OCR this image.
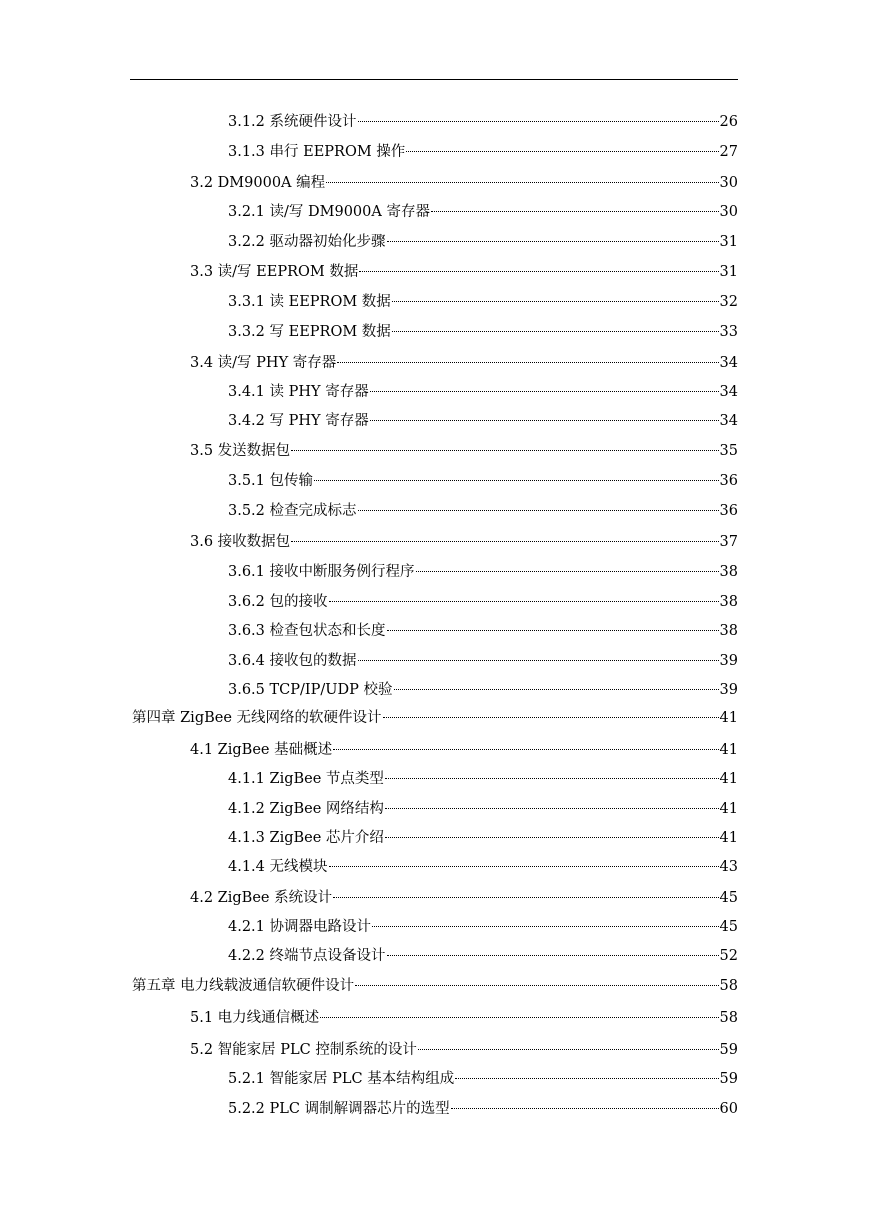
3.1.2 系统硬件设计	26
3.1.3 串行 EEPROM 操作	27
3.2 DM9000A 编程	30
3.2.1 读/写 DM9000A 寄存器	30
3.2.2 驱动器初始化步骤	31
3.3 读/写 EEPROM 数据	31
3.3.1 读 EEPROM 数据	32
3.3.2 写 EEPROM 数据	33
3.4 读/写 PHY 寄存器	34
3.4.1 读 PHY 寄存器	34
3.4.2 写 PHY 寄存器	34
3.5 发送数据包	35
3.5.1 包传输	36
3.5.2 检查完成标志	36
3.6 接收数据包	37
3.6.1 接收中断服务例行程序	38
3.6.2 包的接收	38
3.6.3 检查包状态和长度	38
3.6.4 接收包的数据	39
3.6.5 TCP/IP/UDP 校验	39
第四章 ZigBee 无线网络的软硬件设计	41
4.1 ZigBee 基础概述	41
4.1.1 ZigBee 节点类型	41
4.1.2 ZigBee 网络结构	41
4.1.3 ZigBee 芯片介绍	41
4.1.4 无线模块	43
4.2 ZigBee 系统设计	45
4.2.1 协调器电路设计	45
4.2.2 终端节点设备设计	52
第五章 电力线载波通信软硬件设计	58
5.1 电力线通信概述	58
5.2 智能家居 PLC 控制系统的设计	59
5.2.1 智能家居 PLC 基本结构组成	59
5.2.2 PLC 调制解调器芯片的选型	60
